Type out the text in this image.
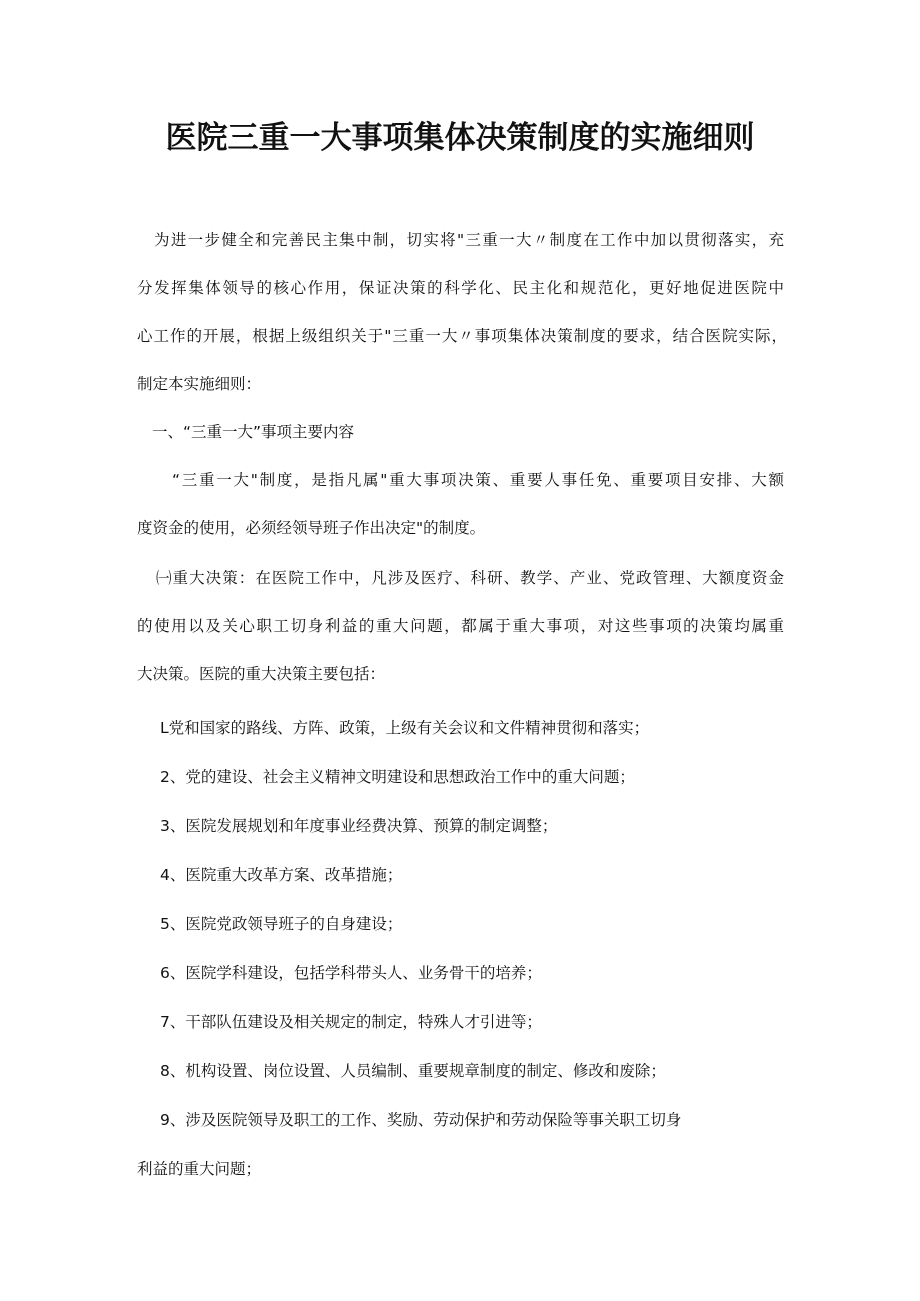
医院三重一大事项集体决策制度的实施细则
为进一步健全和完善民主集中制，切实将"三重一大〃制度在工作中加以贯彻落实，充
分发挥集体领导的核心作用，保证决策的科学化、民主化和规范化，更好地促进医院中
心工作的开展，根据上级组织关于"三重一大〃事项集体决策制度的要求，结合医院实际，
制定本实施细则：
一、“三重一大”事项主要内容
“三重一大"制度，是指凡属"重大事项决策、重要人事任免、重要项目安排、大额
度资金的使用，必须经领导班子作出决定"的制度。
㈠重大决策：在医院工作中，凡涉及医疗、科研、教学、产业、党政管理、大额度资金
的使用以及关心职工切身利益的重大问题，都属于重大事项，对这些事项的决策均属重
大决策。医院的重大决策主要包括：
L党和国家的路线、方阵、政策，上级有关会议和文件精神贯彻和落实；
2、党的建设、社会主义精神文明建设和思想政治工作中的重大问题；
3、医院发展规划和年度事业经费决算、预算的制定调整；
4、医院重大改革方案、改革措施；
5、医院党政领导班子的自身建设；
6、医院学科建设，包括学科带头人、业务骨干的培养；
7、干部队伍建设及相关规定的制定，特殊人才引进等；
8、机构设置、岗位设置、人员编制、重要规章制度的制定、修改和废除；
9、涉及医院领导及职工的工作、奖励、劳动保护和劳动保险等事关职工切身
利益的重大问题；
